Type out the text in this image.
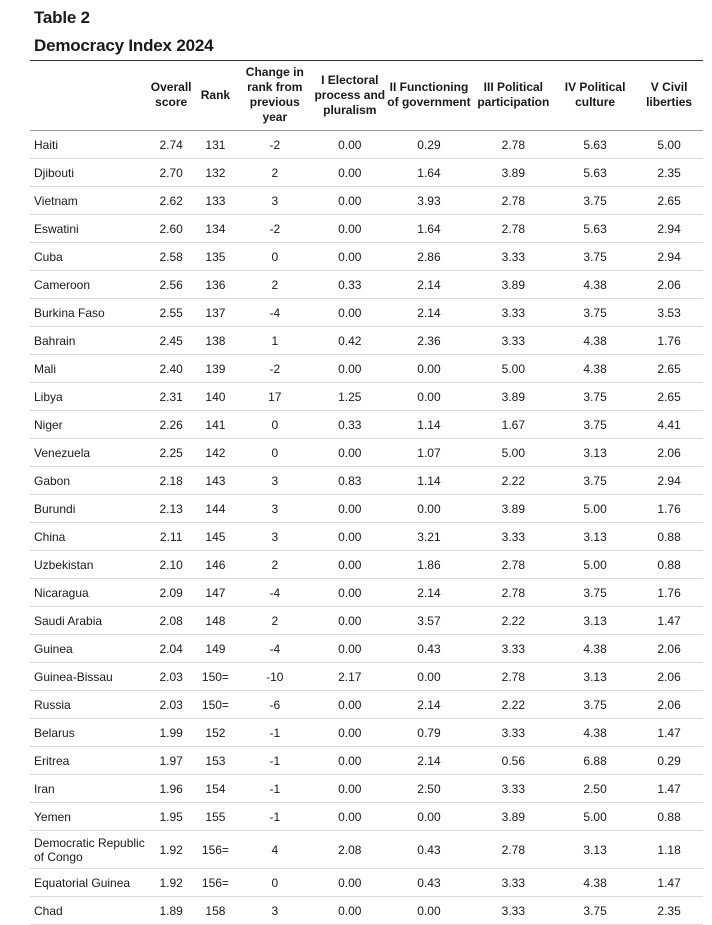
Table 2
Democracy Index 2024
	Overall score	Rank	Change in rank from previous year	I Electoral process and pluralism	II Functioning of government	III Political participation	IV Political culture	V Civil liberties
Haiti	2.74	131	-2	0.00	0.29	2.78	5.63	5.00
Djibouti	2.70	132	2	0.00	1.64	3.89	5.63	2.35
Vietnam	2.62	133	3	0.00	3.93	2.78	3.75	2.65
Eswatini	2.60	134	-2	0.00	1.64	2.78	5.63	2.94
Cuba	2.58	135	0	0.00	2.86	3.33	3.75	2.94
Cameroon	2.56	136	2	0.33	2.14	3.89	4.38	2.06
Burkina Faso	2.55	137	-4	0.00	2.14	3.33	3.75	3.53
Bahrain	2.45	138	1	0.42	2.36	3.33	4.38	1.76
Mali	2.40	139	-2	0.00	0.00	5.00	4.38	2.65
Libya	2.31	140	17	1.25	0.00	3.89	3.75	2.65
Niger	2.26	141	0	0.33	1.14	1.67	3.75	4.41
Venezuela	2.25	142	0	0.00	1.07	5.00	3.13	2.06
Gabon	2.18	143	3	0.83	1.14	2.22	3.75	2.94
Burundi	2.13	144	3	0.00	0.00	3.89	5.00	1.76
China	2.11	145	3	0.00	3.21	3.33	3.13	0.88
Uzbekistan	2.10	146	2	0.00	1.86	2.78	5.00	0.88
Nicaragua	2.09	147	-4	0.00	2.14	2.78	3.75	1.76
Saudi Arabia	2.08	148	2	0.00	3.57	2.22	3.13	1.47
Guinea	2.04	149	-4	0.00	0.43	3.33	4.38	2.06
Guinea-Bissau	2.03	150=	-10	2.17	0.00	2.78	3.13	2.06
Russia	2.03	150=	-6	0.00	2.14	2.22	3.75	2.06
Belarus	1.99	152	-1	0.00	0.79	3.33	4.38	1.47
Eritrea	1.97	153	-1	0.00	2.14	0.56	6.88	0.29
Iran	1.96	154	-1	0.00	2.50	3.33	2.50	1.47
Yemen	1.95	155	-1	0.00	0.00	3.89	5.00	0.88
Democratic Republic of Congo	1.92	156=	4	2.08	0.43	2.78	3.13	1.18
Equatorial Guinea	1.92	156=	0	0.00	0.43	3.33	4.38	1.47
Chad	1.89	158	3	0.00	0.00	3.33	3.75	2.35
